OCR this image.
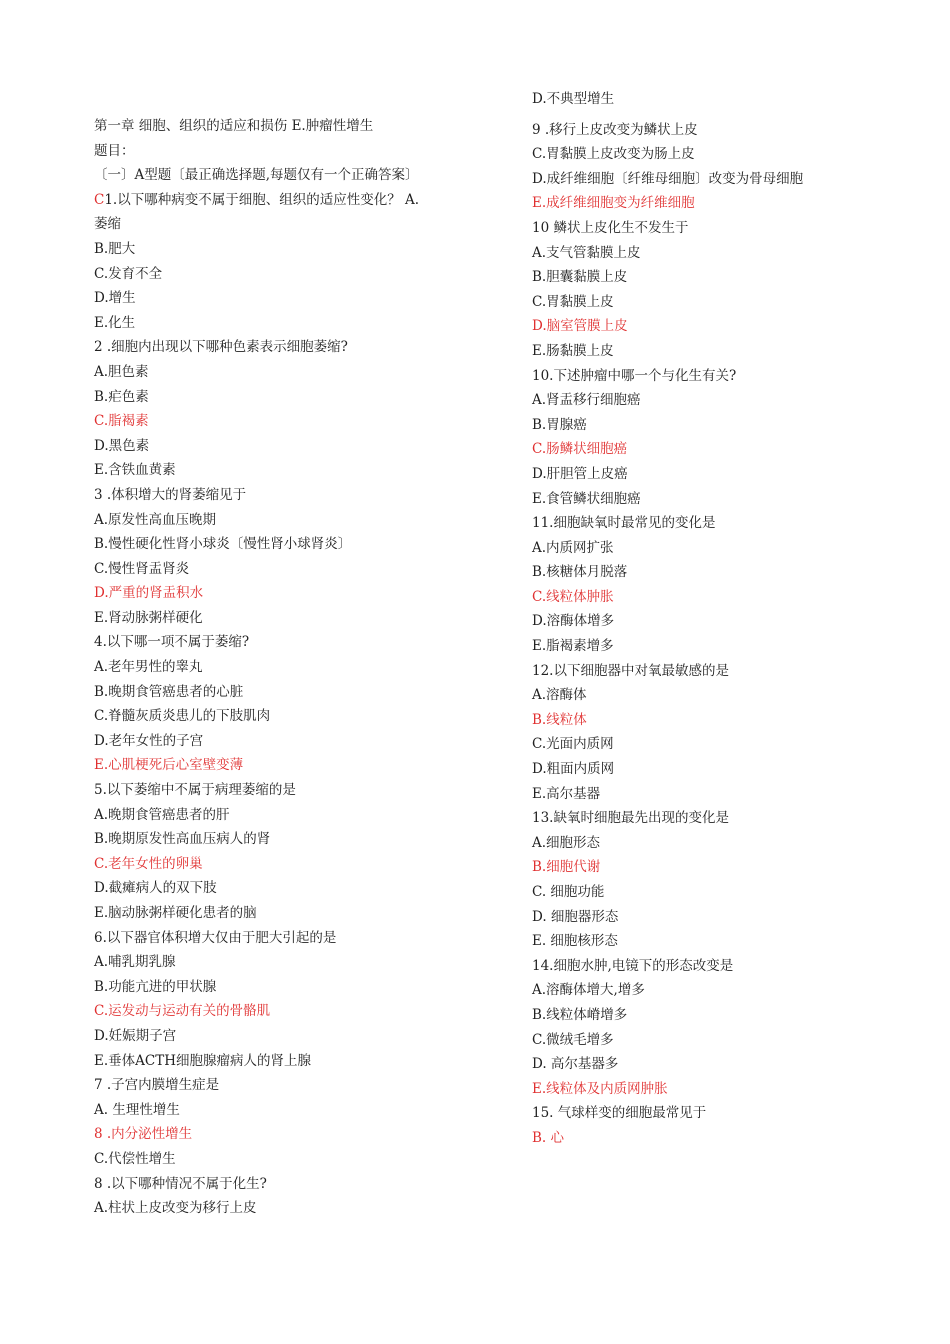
第一章 细胞、组织的适应和损伤 E.肿瘤性增生
题目：
〔一〕A型题〔最正确选择题,每题仅有一个正确答案〕
C1.以下哪种病变不属于细胞、组织的适应性变化？ A.
萎缩
B.肥大
C.发育不全
D.增生
E.化生
2 .细胞内出现以下哪种色素表示细胞萎缩?
A.胆色素
B.疟色素
C.脂褐素
D.黑色素
E.含铁血黄素
3 .体积增大的肾萎缩见于
A.原发性高血压晚期
B.慢性硬化性肾小球炎〔慢性肾小球肾炎〕
C.慢性肾盂肾炎
D.严重的肾盂积水
E.肾动脉粥样硬化
4.以下哪一项不属于萎缩?
A.老年男性的睾丸
B.晚期食管癌患者的心脏
C.脊髓灰质炎患儿的下肢肌肉
D.老年女性的子宫
E.心肌梗死后心室壁变薄
5.以下萎缩中不属于病理萎缩的是
A.晚期食管癌患者的肝
B.晚期原发性高血压病人的肾
C.老年女性的卵巢
D.截瘫病人的双下肢
E.脑动脉粥样硬化患者的脑
6.以下器官体积增大仅由于肥大引起的是
A.哺乳期乳腺
B.功能亢进的甲状腺
C.运发动与运动有关的骨骼肌
D.妊娠期子宫
E.垂体ACTH细胞腺瘤病人的肾上腺
7 .子宫内膜增生症是
A. 生理性增生
8 .内分泌性增生
C.代偿性增生
8 .以下哪种情况不属于化生?
A.柱状上皮改变为移行上皮
D.不典型增生
9 .移行上皮改变为鳞状上皮
C.胃黏膜上皮改变为肠上皮
D.成纤维细胞〔纤维母细胞〕改变为骨母细胞
E.成纤维细胞变为纤维细胞
10 鳞状上皮化生不发生于
A.支气管黏膜上皮
B.胆囊黏膜上皮
C.胃黏膜上皮
D.脑室管膜上皮
E.肠黏膜上皮
10.下述肿瘤中哪一个与化生有关?
A.肾盂移行细胞癌
B.胃腺癌
C.肠鳞状细胞癌
D.肝胆管上皮癌
E.食管鳞状细胞癌
11.细胞缺氧时最常见的变化是
A.内质网扩张
B.核糖体月脱落
C.线粒体肿胀
D.溶酶体增多
E.脂褐素增多
12.以下细胞器中对氧最敏感的是
A.溶酶体
B.线粒体
C.光面内质网
D.粗面内质网
E.高尔基器
13.缺氧时细胞最先出现的变化是
A.细胞形态
B.细胞代谢
C. 细胞功能
D. 细胞器形态
E. 细胞核形态
14.细胞水肿,电镜下的形态改变是
A.溶酶体增大,增多
B.线粒体嵴增多
C.微绒毛增多
D. 高尔基器多
E.线粒体及内质网肿胀
15. 气球样变的细胞最常见于
B. 心
